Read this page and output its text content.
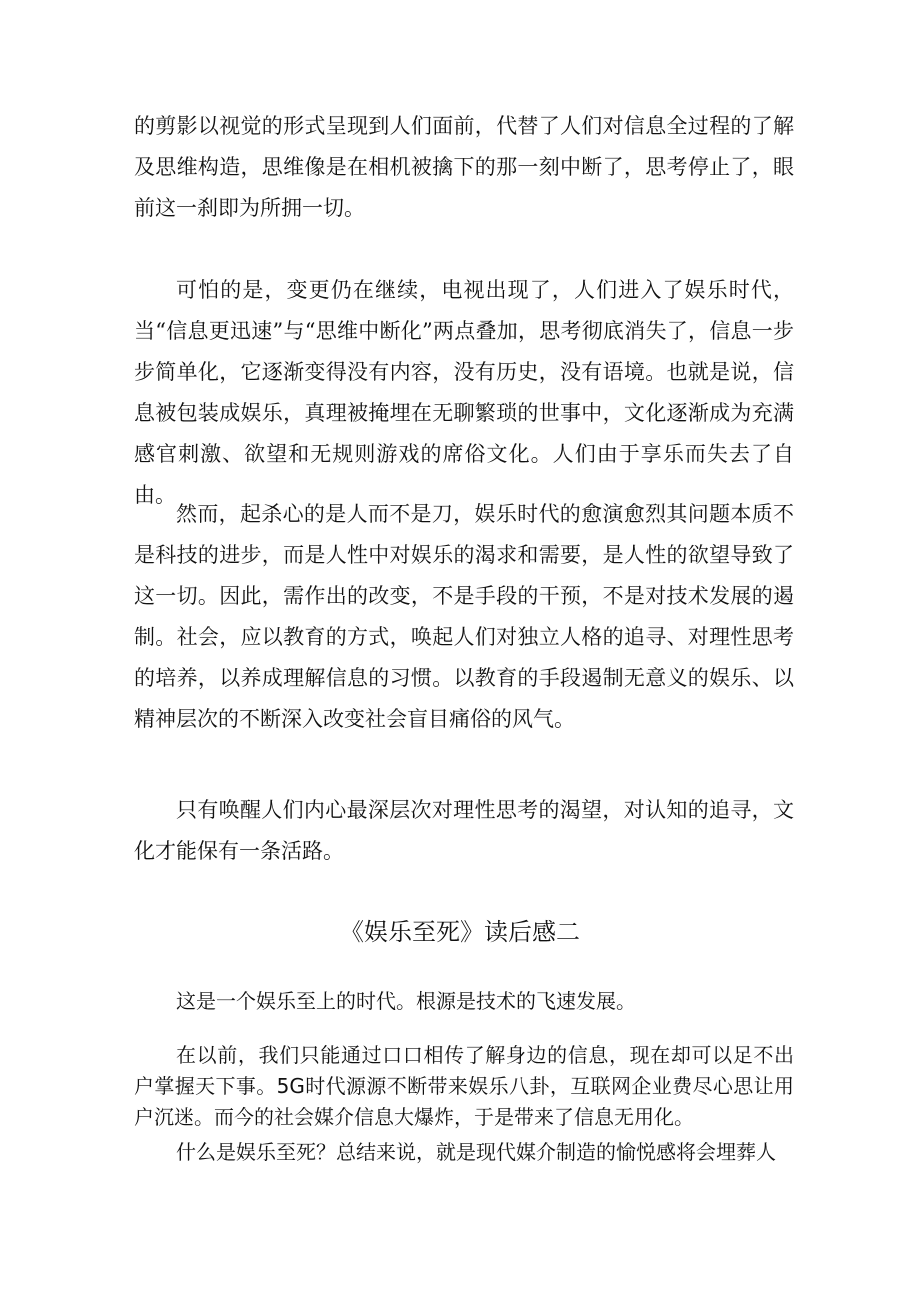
的剪影以视觉的形式呈现到人们面前，代替了人们对信息全过程的了解及思维构造，思维像是在相机被擒下的那一刻中断了，思考停止了，眼前这一刹即为所拥一切。

可怕的是，变更仍在继续，电视出现了，人们进入了娱乐时代，当“信息更迅速”与“思维中断化”两点叠加，思考彻底消失了，信息一步步简单化，它逐渐变得没有内容，没有历史，没有语境。也就是说，信息被包装成娱乐，真理被掩埋在无聊繁琐的世事中，文化逐渐成为充满感官刺激、欲望和无规则游戏的席俗文化。人们由于享乐而失去了自由。

然而，起杀心的是人而不是刀，娱乐时代的愈演愈烈其问题本质不是科技的进步，而是人性中对娱乐的渴求和需要，是人性的欲望导致了这一切。因此，需作出的改变，不是手段的干预，不是对技术发展的遏制。社会，应以教育的方式，唤起人们对独立人格的追寻、对理性思考的培养，以养成理解信息的习惯。以教育的手段遏制无意义的娱乐、以精神层次的不断深入改变社会盲目痛俗的风气。

只有唤醒人们内心最深层次对理性思考的渴望，对认知的追寻，文化才能保有一条活路。

《娱乐至死》读后感二

这是一个娱乐至上的时代。根源是技术的飞速发展。

在以前，我们只能通过口口相传了解身边的信息，现在却可以足不出户掌握天下事。5G时代源源不断带来娱乐八卦，互联网企业费尽心思让用户沉迷。而今的社会媒介信息大爆炸，于是带来了信息无用化。

什么是娱乐至死？总结来说，就是现代媒介制造的愉悦感将会埋葬人
